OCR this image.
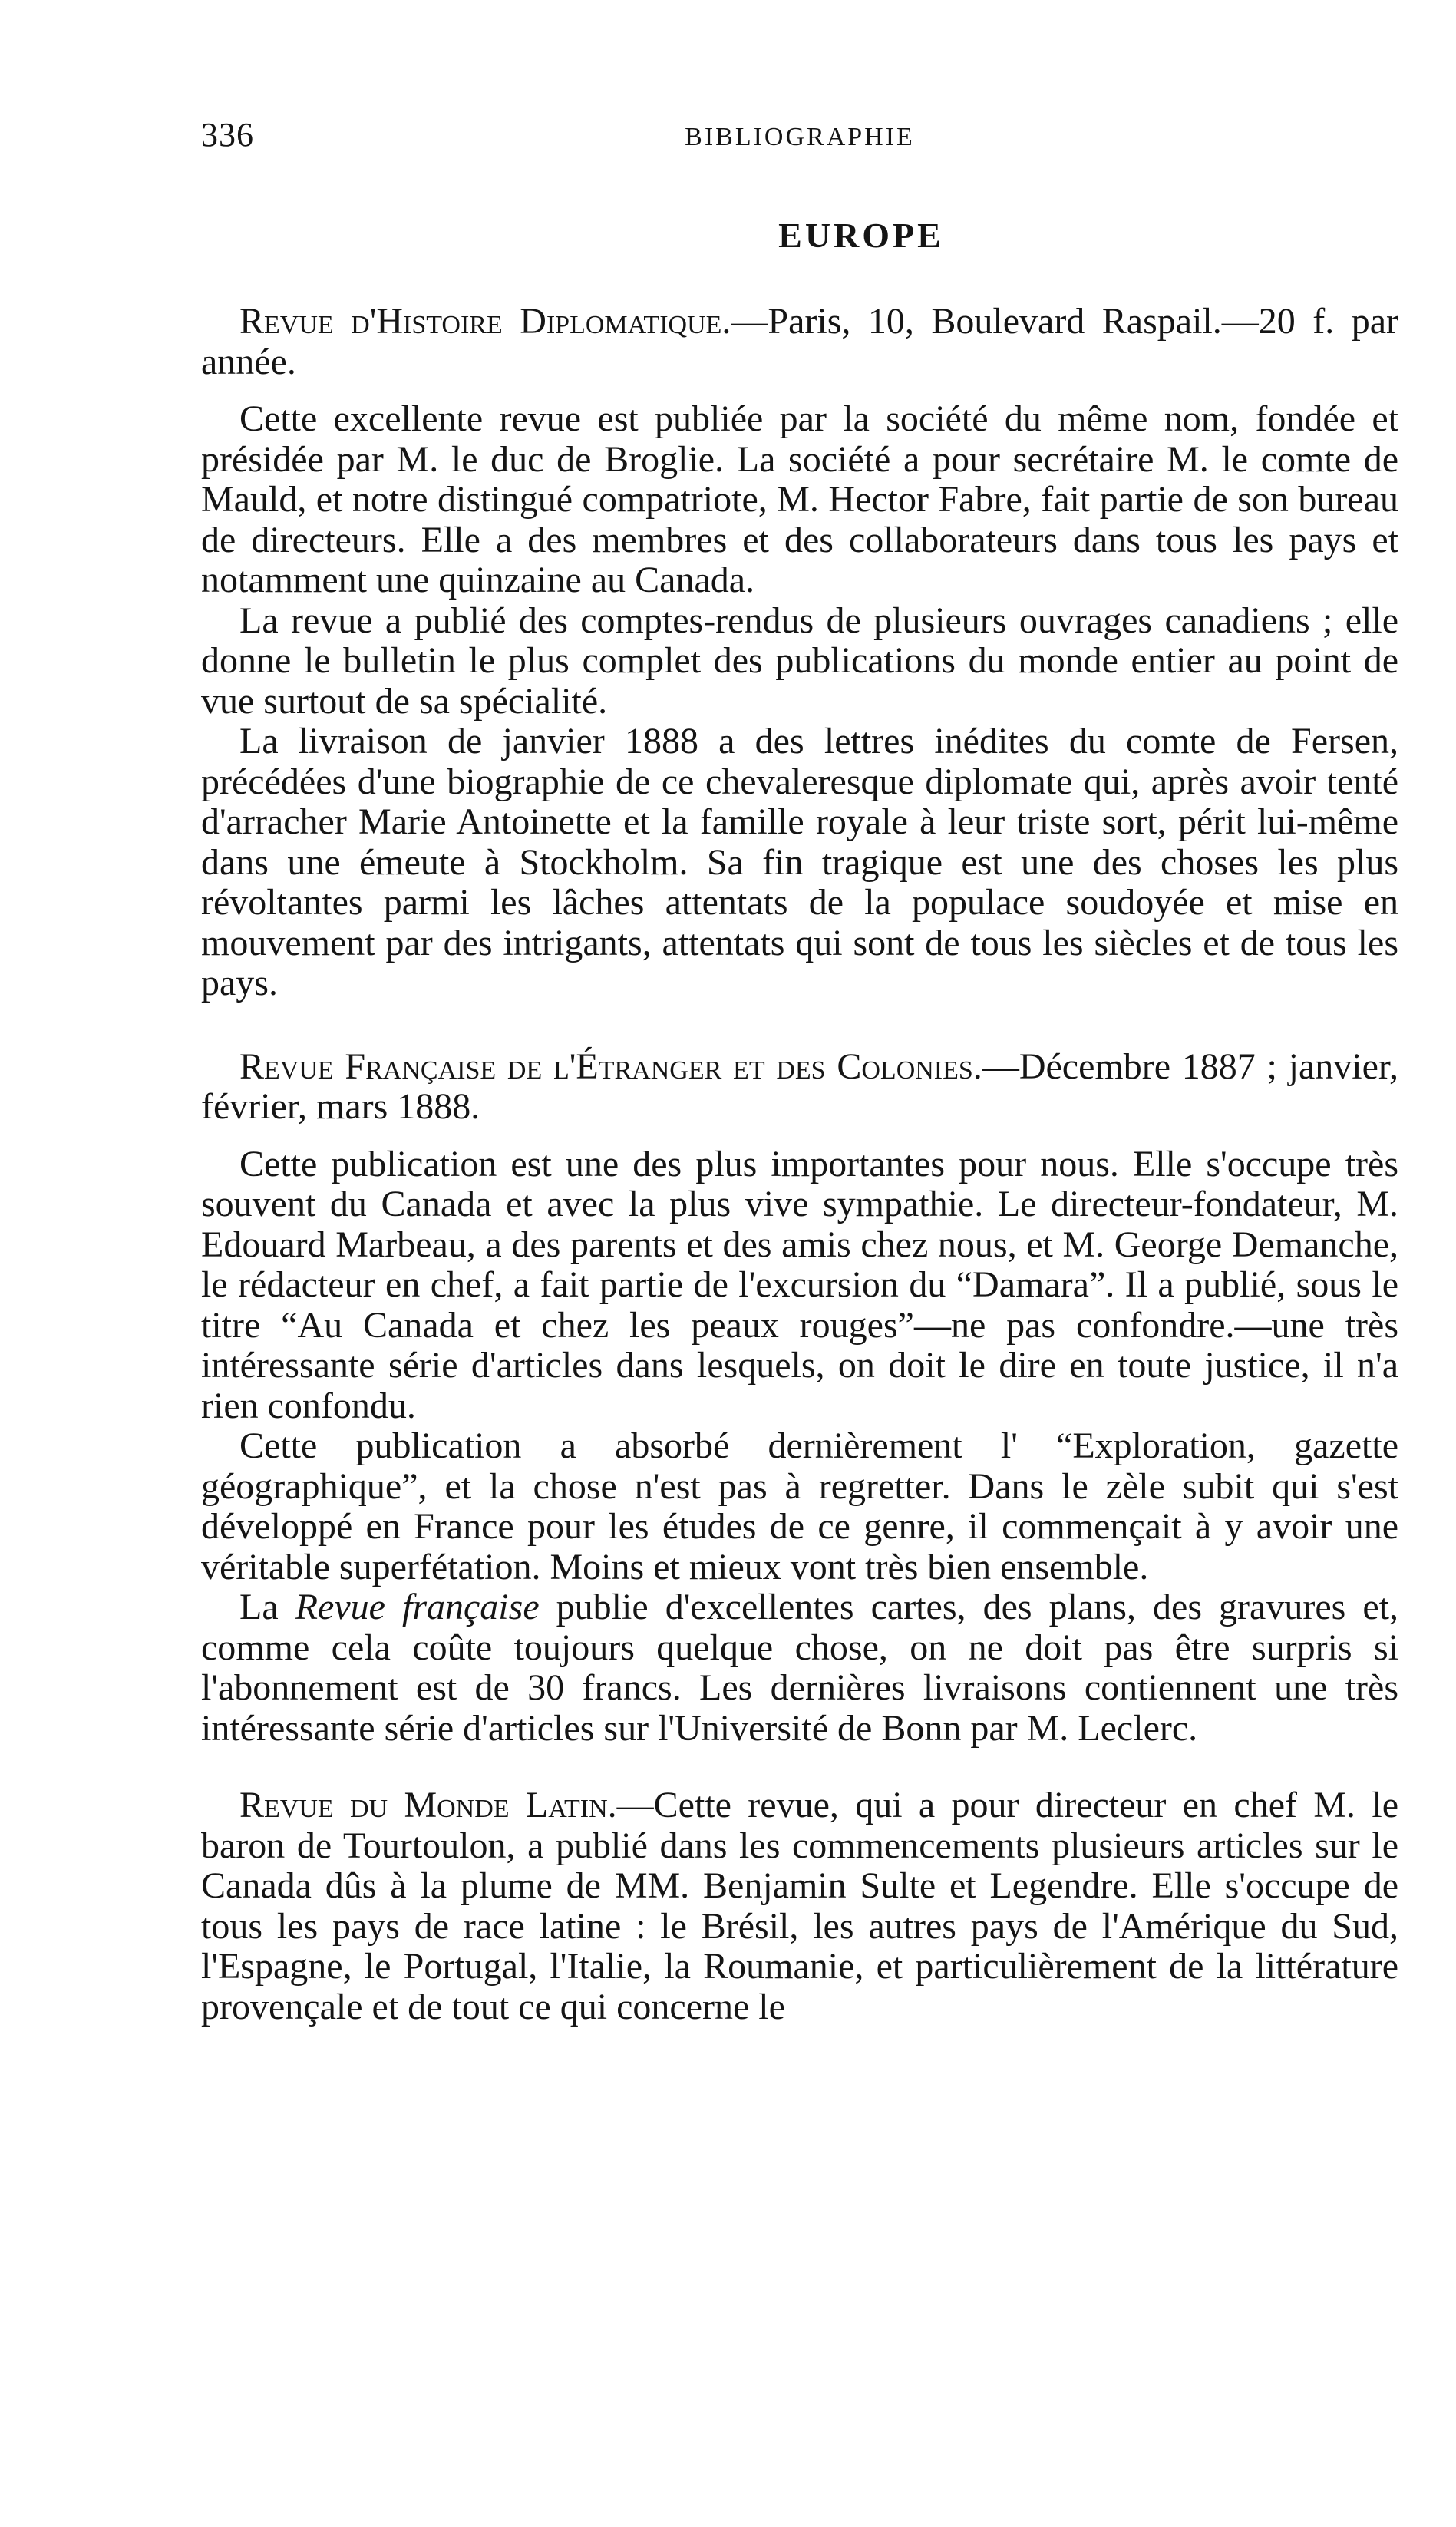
336	BIBLIOGRAPHIE
EUROPE

Revue d'Histoire Diplomatique.—Paris, 10, Boulevard Raspail.—20 f. par année.

Cette excellente revue est publiée par la société du même nom, fondée et présidée par M. le duc de Broglie. La société a pour secrétaire M. le comte de Mauld, et notre distingué compatriote, M. Hector Fabre, fait partie de son bureau de directeurs. Elle a des membres et des collaborateurs dans tous les pays et notamment une quinzaine au Canada.

La revue a publié des comptes-rendus de plusieurs ouvrages canadiens ; elle donne le bulletin le plus complet des publications du monde entier au point de vue surtout de sa spécialité.

La livraison de janvier 1888 a des lettres inédites du comte de Fersen, précédées d'une biographie de ce chevaleresque diplomate qui, après avoir tenté d'arracher Marie Antoinette et la famille royale à leur triste sort, périt lui-même dans une émeute à Stockholm. Sa fin tragique est une des choses les plus révoltantes parmi les lâches attentats de la populace soudoyée et mise en mouvement par des intrigants, attentats qui sont de tous les siècles et de tous les pays.

Revue Française de l'Étranger et des Colonies.—Décembre 1887 ; janvier, février, mars 1888.

Cette publication est une des plus importantes pour nous. Elle s'occupe très souvent du Canada et avec la plus vive sympathie. Le directeur-fondateur, M. Edouard Marbeau, a des parents et des amis chez nous, et M. George Demanche, le rédacteur en chef, a fait partie de l'excursion du “Damara”. Il a publié, sous le titre “Au Canada et chez les peaux rouges”—ne pas confondre.—une très intéressante série d'articles dans lesquels, on doit le dire en toute justice, il n'a rien confondu.

Cette publication a absorbé dernièrement l' “Exploration, gazette géographique”, et la chose n'est pas à regretter. Dans le zèle subit qui s'est développé en France pour les études de ce genre, il commençait à y avoir une véritable superfétation. Moins et mieux vont très bien ensemble.

La Revue française publie d'excellentes cartes, des plans, des gravures et, comme cela coûte toujours quelque chose, on ne doit pas être surpris si l'abonnement est de 30 francs. Les dernières livraisons contiennent une très intéressante série d'articles sur l'Université de Bonn par M. Leclerc.

Revue du Monde Latin.—Cette revue, qui a pour directeur en chef M. le baron de Tourtoulon, a publié dans les commencements plusieurs articles sur le Canada dûs à la plume de MM. Benjamin Sulte et Legendre. Elle s'occupe de tous les pays de race latine : le Brésil, les autres pays de l'Amérique du Sud, l'Espagne, le Portugal, l'Italie, la Roumanie, et particulièrement de la littérature provençale et de tout ce qui concerne le
